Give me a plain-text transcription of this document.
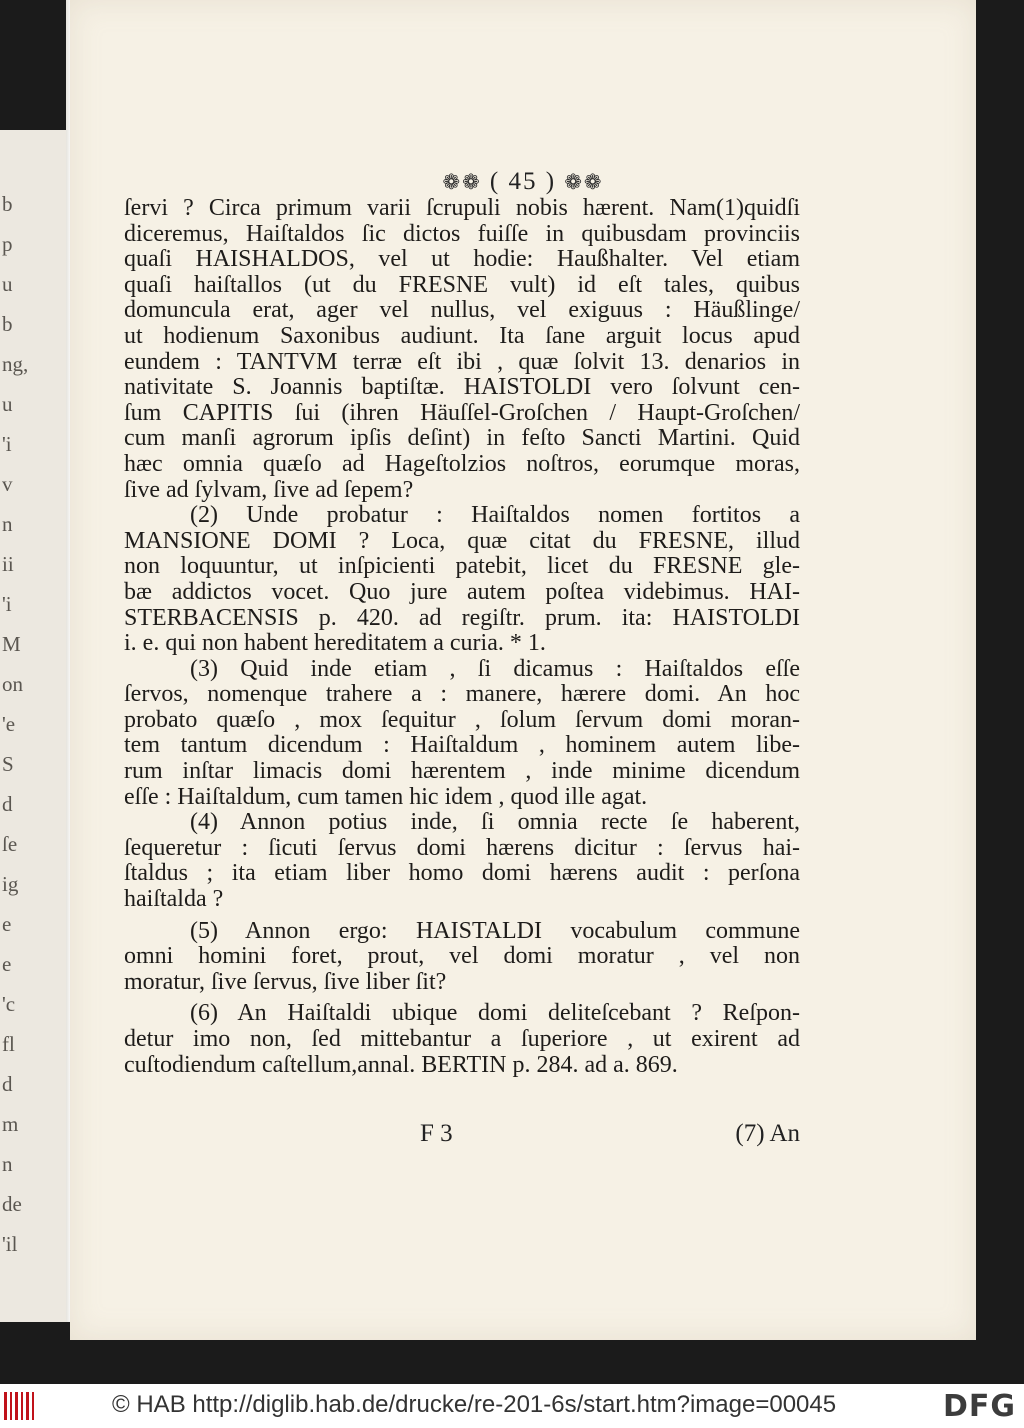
b
p
u
b
ng,
u
'i
v
n
ii
'i
M
on
'e
S
d
ſe
ig
e
e
'c
fl
d
m
n
de
'il
❁❁ ( 45 ) ❁❁
ſervi ? Circa primum varii ſcrupuli nobis hærent. Nam(1)quidſi
diceremus, Haiſtaldos ſic dictos fuiſſe in quibusdam provinciis
quaſi HAISHALDOS, vel ut hodie: Haußhalter. Vel etiam
quaſi haiſtallos (ut du FRESNE vult) id eſt tales, quibus
domuncula erat, ager vel nullus, vel exiguus : Häußlinge/
ut hodienum Saxonibus audiunt. Ita ſane arguit locus apud
eundem : TANTVM terræ eſt ibi , quæ ſolvit 13. denarios in
nativitate S. Joannis baptiſtæ. HAISTOLDI vero ſolvunt cen-
ſum CAPITIS ſui (ihren Häuſſel-Groſchen / Haupt-Groſchen/
cum manſi agrorum ipſis deſint) in feſto Sancti Martini. Quid
hæc omnia quæſo ad Hageſtolzios noſtros, eorumque moras,
ſive ad ſylvam, ſive ad ſepem?
(2) Unde probatur : Haiſtaldos nomen fortitos a
MANSIONE DOMI ? Loca, quæ citat du FRESNE, illud
non loquuntur, ut inſpicienti patebit, licet du FRESNE gle-
bæ addictos vocet. Quo jure autem poſtea videbimus. HAI-
STERBACENSIS p. 420. ad regiſtr. prum. ita: HAISTOLDI
i. e. qui non habent hereditatem a curia. * 1.
(3) Quid inde etiam , ſi dicamus : Haiſtaldos eſſe
ſervos, nomenque trahere a : manere, hærere domi. An hoc
probato quæſo , mox ſequitur , ſolum ſervum domi moran-
tem tantum dicendum : Haiſtaldum , hominem autem libe-
rum inſtar limacis domi hærentem , inde minime dicendum
eſſe : Haiſtaldum, cum tamen hic idem , quod ille agat.
(4) Annon potius inde, ſi omnia recte ſe haberent,
ſequeretur : ſicuti ſervus domi hærens dicitur : ſervus hai-
ſtaldus ; ita etiam liber homo domi hærens audit : perſona
haiſtalda ?
(5) Annon ergo: HAISTALDI vocabulum commune
omni homini foret, prout, vel domi moratur , vel non
moratur, ſive ſervus, ſive liber ſit?
(6) An Haiſtaldi ubique domi deliteſcebant ? Reſpon-
detur imo non, ſed mittebantur a ſuperiore , ut exirent ad
cuſtodiendum caſtellum,annal. BERTIN p. 284. ad a. 869.
F 3	(7) An
© HAB http://diglib.hab.de/drucke/re-201-6s/start.htm?image=00045	DFG
